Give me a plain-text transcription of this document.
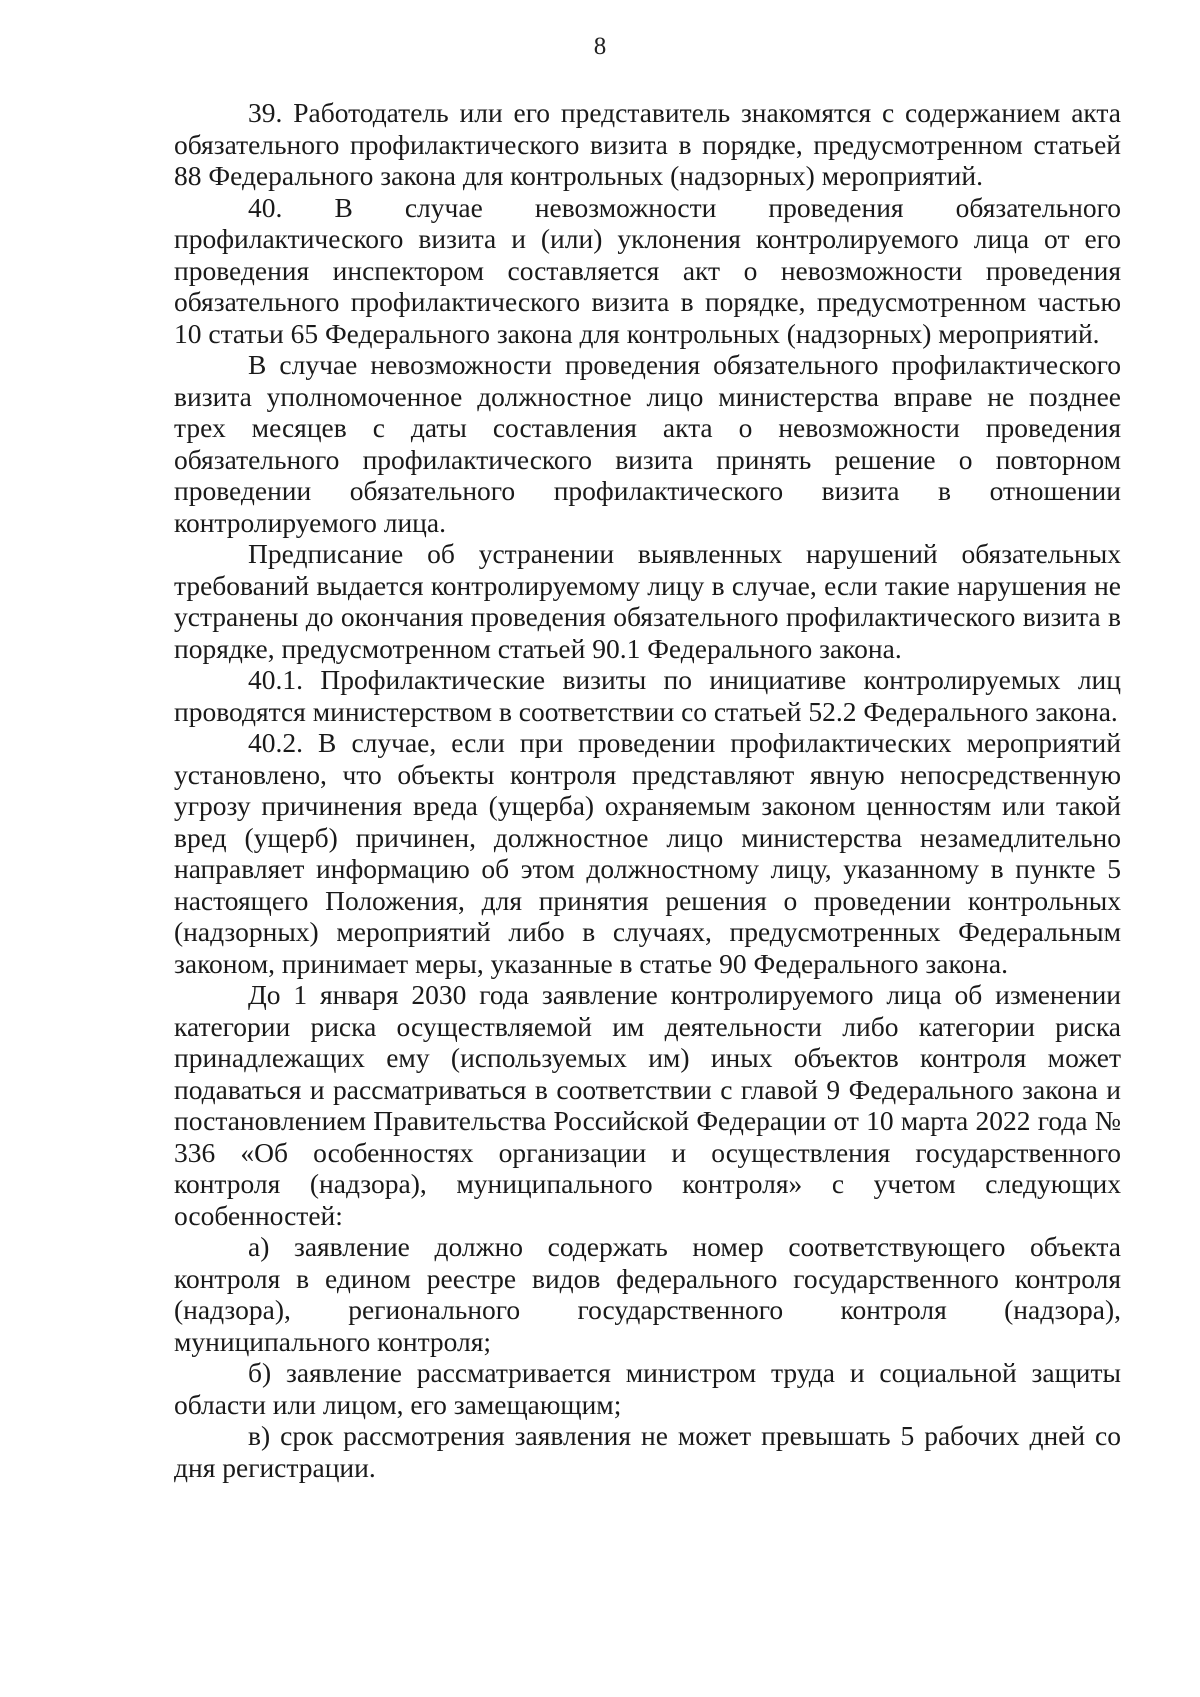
8

39. Работодатель или его представитель знакомятся с содержанием акта обязательного профилактического визита в порядке, предусмотренном статьей 88 Федерального закона для контрольных (надзорных) мероприятий.

40. В случае невозможности проведения обязательного профилактического визита и (или) уклонения контролируемого лица от его проведения инспектором составляется акт о невозможности проведения обязательного профилактического визита в порядке, предусмотренном частью 10 статьи 65 Федерального закона для контрольных (надзорных) мероприятий.

В случае невозможности проведения обязательного профилактического визита уполномоченное должностное лицо министерства вправе не позднее трех месяцев с даты составления акта о невозможности проведения обязательного профилактического визита принять решение о повторном проведении обязательного профилактического визита в отношении контролируемого лица.

Предписание об устранении выявленных нарушений обязательных требований выдается контролируемому лицу в случае, если такие нарушения не устранены до окончания проведения обязательного профилактического визита в порядке, предусмотренном статьей 90.1 Федерального закона.

40.1. Профилактические визиты по инициативе контролируемых лиц проводятся министерством в соответствии со статьей 52.2 Федерального закона.

40.2. В случае, если при проведении профилактических мероприятий установлено, что объекты контроля представляют явную непосредственную угрозу причинения вреда (ущерба) охраняемым законом ценностям или такой вред (ущерб) причинен, должностное лицо министерства незамедлительно направляет информацию об этом должностному лицу, указанному в пункте 5 настоящего Положения, для принятия решения о проведении контрольных (надзорных) мероприятий либо в случаях, предусмотренных Федеральным законом, принимает меры, указанные в статье 90 Федерального закона.

До 1 января 2030 года заявление контролируемого лица об изменении категории риска осуществляемой им деятельности либо категории риска принадлежащих ему (используемых им) иных объектов контроля может подаваться и рассматриваться в соответствии с главой 9 Федерального закона и постановлением Правительства Российской Федерации от 10 марта 2022 года № 336 «Об особенностях организации и осуществления государственного контроля (надзора), муниципального контроля» с учетом следующих особенностей:

а) заявление должно содержать номер соответствующего объекта контроля в едином реестре видов федерального государственного контроля (надзора), регионального государственного контроля (надзора), муниципального контроля;

б) заявление рассматривается министром труда и социальной защиты области или лицом, его замещающим;

в) срок рассмотрения заявления не может превышать 5 рабочих дней со дня регистрации.
